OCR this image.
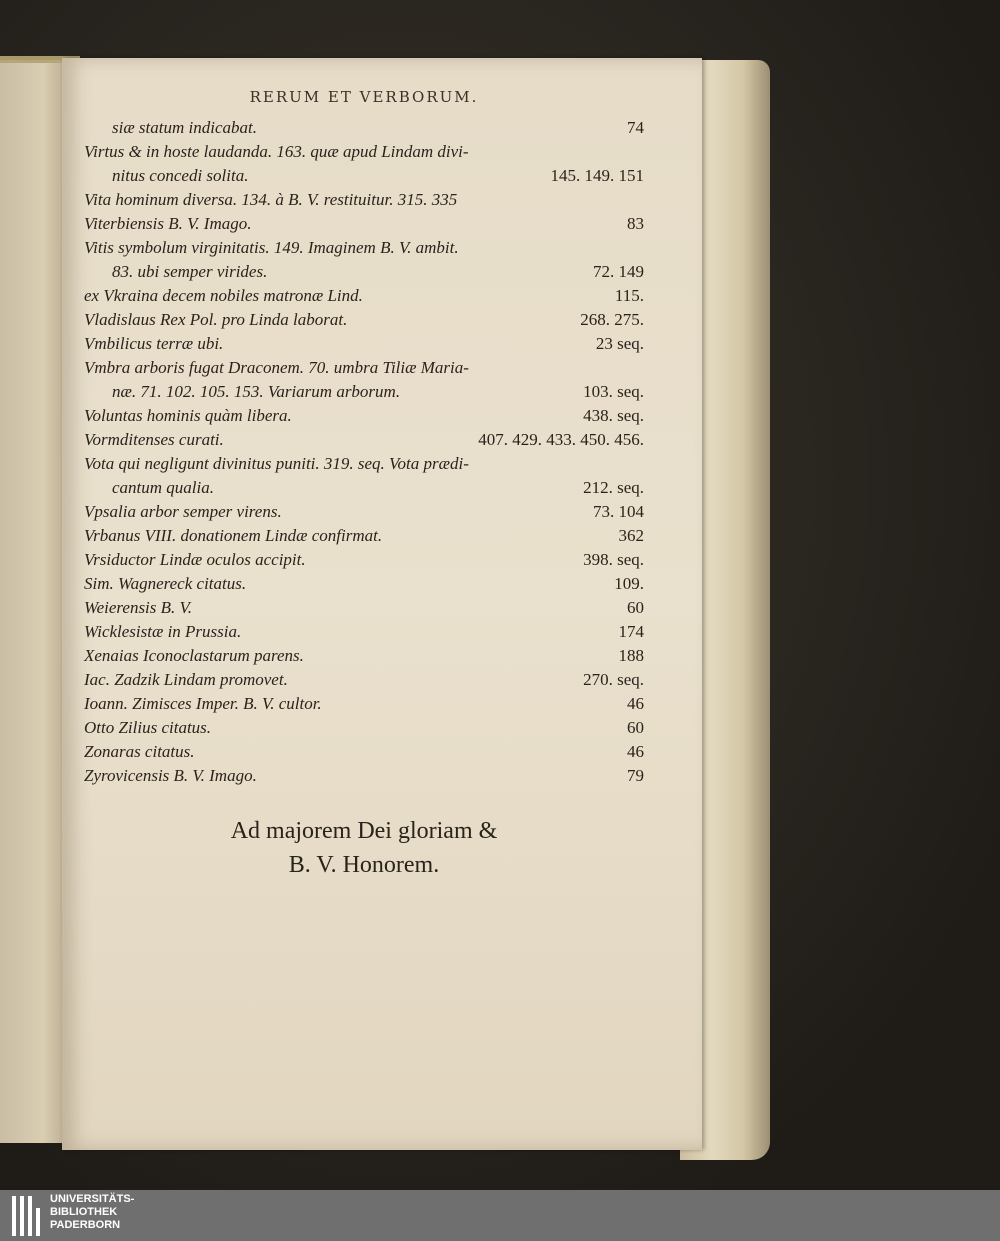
RERUM ET VERBORUM.
siæ statum indicabat.	74
Virtus & in hoste laudanda. 163. quæ apud Lindam divi-
nitus concedi solita.	145. 149. 151
Vita hominum diversa. 134. à B. V. restituitur. 315. 335
Viterbiensis B. V. Imago.	83
Vitis symbolum virginitatis. 149. Imaginem B. V. ambit.
83. ubi semper virides.	72. 149
ex Vkraina decem nobiles matronæ Lind.	115.
Vladislaus Rex Pol. pro Linda laborat.	268. 275.
Vmbilicus terræ ubi.	23 seq.
Vmbra arboris fugat Draconem. 70. umbra Tiliæ Maria-
næ. 71. 102. 105. 153. Variarum arborum.	103. seq.
Voluntas hominis quàm libera.	438. seq.
Vormditenses curati.	407. 429. 433. 450. 456.
Vota qui negligunt divinitus puniti. 319. seq. Vota prædi-
cantum qualia.	212. seq.
Vpsalia arbor semper virens.	73. 104
Vrbanus VIII. donationem Lindæ confirmat.	362
Vrsiductor Lindæ oculos accipit.	398. seq.
Sim. Wagnereck citatus.	109.
Weierensis B. V.	60
Wicklesistæ in Prussia.	174
Xenaias Iconoclastarum parens.	188
Iac. Zadzik Lindam promovet.	270. seq.
Ioann. Zimisces Imper. B. V. cultor.	46
Otto Zilius citatus.	60
Zonaras citatus.	46
Zyrovicensis B. V. Imago.	79
Ad majorem Dei gloriam &
B. V. Honorem.
UNIVERSITÄTS-
BIBLIOTHEK
PADERBORN
